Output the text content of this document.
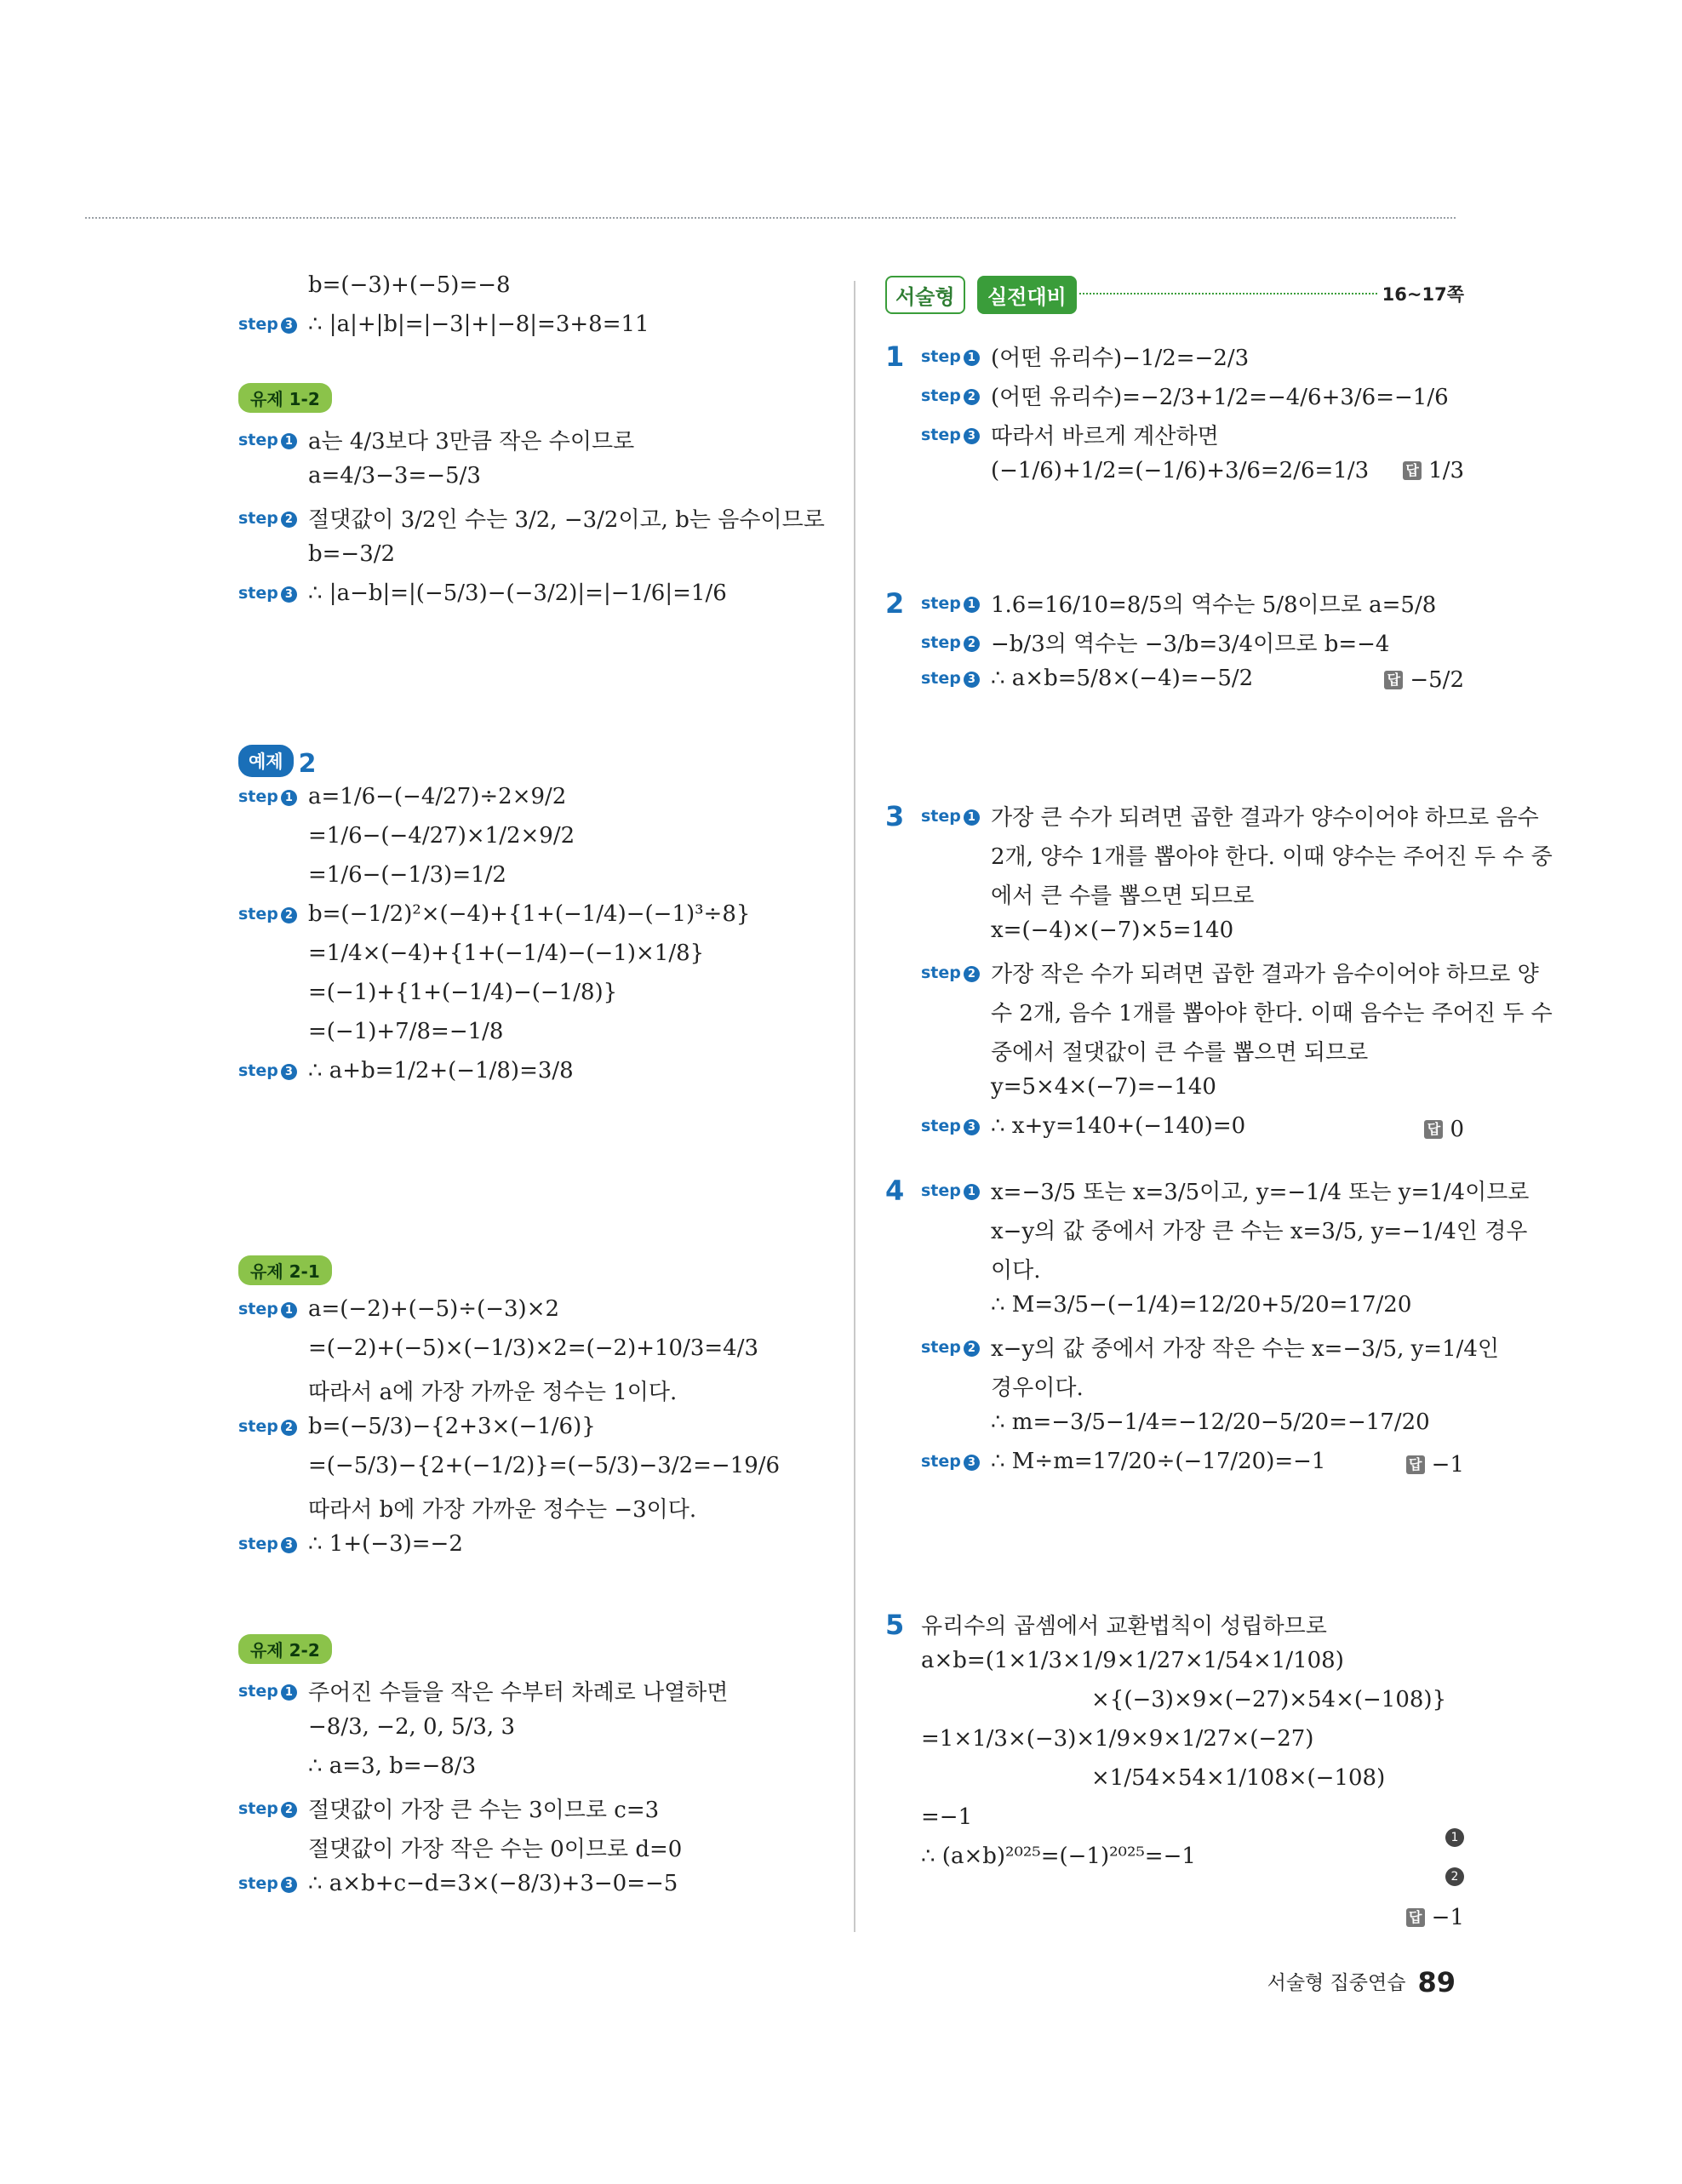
b=(−3)+(−5)=−8
step 3 ∴ |a|+|b|=|−3|+|−8|=3+8=11
유제 1-2
step 1 a는 4/3보다 3만큼 작은 수이므로
a=4/3−3=−5/3
step 2 절댓값이 3/2인 수는 3/2, −3/2이고, b는 음수이므로
b=−3/2
step 3 ∴ |a−b|=|(−5/3)−(−3/2)|=|−1/6|=1/6
예제 2
step 1 a=1/6−(−4/27)÷2×9/2
=1/6−(−4/27)×1/2×9/2
=1/6−(−1/3)=1/2
step 2 b=(−1/2)²×(−4)+{1+(−1/4)−(−1)³÷8}
=1/4×(−4)+{1+(−1/4)−(−1)×1/8}
=(−1)+{1+(−1/4)−(−1/8)}
=(−1)+7/8=−1/8
step 3 ∴ a+b=1/2+(−1/8)=3/8
유제 2-1
step 1 a=(−2)+(−5)÷(−3)×2
=(−2)+(−5)×(−1/3)×2=(−2)+10/3=4/3
따라서 a에 가장 가까운 정수는 1이다.
step 2 b=(−5/3)−{2+3×(−1/6)}
=(−5/3)−{2+(−1/2)}=(−5/3)−3/2=−19/6
따라서 b에 가장 가까운 정수는 −3이다.
step 3 ∴ 1+(−3)=−2
유제 2-2
step 1 주어진 수들을 작은 수부터 차례로 나열하면
−8/3, −2, 0, 5/3, 3
∴ a=3, b=−8/3
step 2 절댓값이 가장 큰 수는 3이므로 c=3
절댓값이 가장 작은 수는 0이므로 d=0
step 3 ∴ a×b+c−d=3×(−8/3)+3−0=−5
서술형	실전대비	16~17쪽
1 step 1 (어떤 유리수)−1/2=−2/3
step 2 (어떤 유리수)=−2/3+1/2=−4/6+3/6=−1/6
step 3 따라서 바르게 계산하면
(−1/6)+1/2=(−1/6)+3/6=2/6=1/3	답 1/3
2 step 1 1.6=16/10=8/5의 역수는 5/8이므로 a=5/8
step 2 −b/3의 역수는 −3/b=3/4이므로 b=−4
step 3 ∴ a×b=5/8×(−4)=−5/2	답 −5/2
3 step 1 가장 큰 수가 되려면 곱한 결과가 양수이어야 하므로 음수
2개, 양수 1개를 뽑아야 한다. 이때 양수는 주어진 두 수 중
에서 큰 수를 뽑으면 되므로
x=(−4)×(−7)×5=140
step 2 가장 작은 수가 되려면 곱한 결과가 음수이어야 하므로 양
수 2개, 음수 1개를 뽑아야 한다. 이때 음수는 주어진 두 수
중에서 절댓값이 큰 수를 뽑으면 되므로
y=5×4×(−7)=−140
step 3 ∴ x+y=140+(−140)=0	답 0
4 step 1 x=−3/5 또는 x=3/5이고, y=−1/4 또는 y=1/4이므로
x−y의 값 중에서 가장 큰 수는 x=3/5, y=−1/4인 경우
이다.
∴ M=3/5−(−1/4)=12/20+5/20=17/20
step 2 x−y의 값 중에서 가장 작은 수는 x=−3/5, y=1/4인
경우이다.
∴ m=−3/5−1/4=−12/20−5/20=−17/20
step 3 ∴ M÷m=17/20÷(−17/20)=−1	답 −1
5 유리수의 곱셈에서 교환법칙이 성립하므로
a×b=(1×1/3×1/9×1/27×1/54×1/108)
×{(−3)×9×(−27)×54×(−108)}
=1×1/3×(−3)×1/9×9×1/27×(−27)
×1/54×54×1/108×(−108)
=−1
∴ (a×b)²⁰²⁵=(−1)²⁰²⁵=−1
1
2
답 −1
서술형 집중연습 89
